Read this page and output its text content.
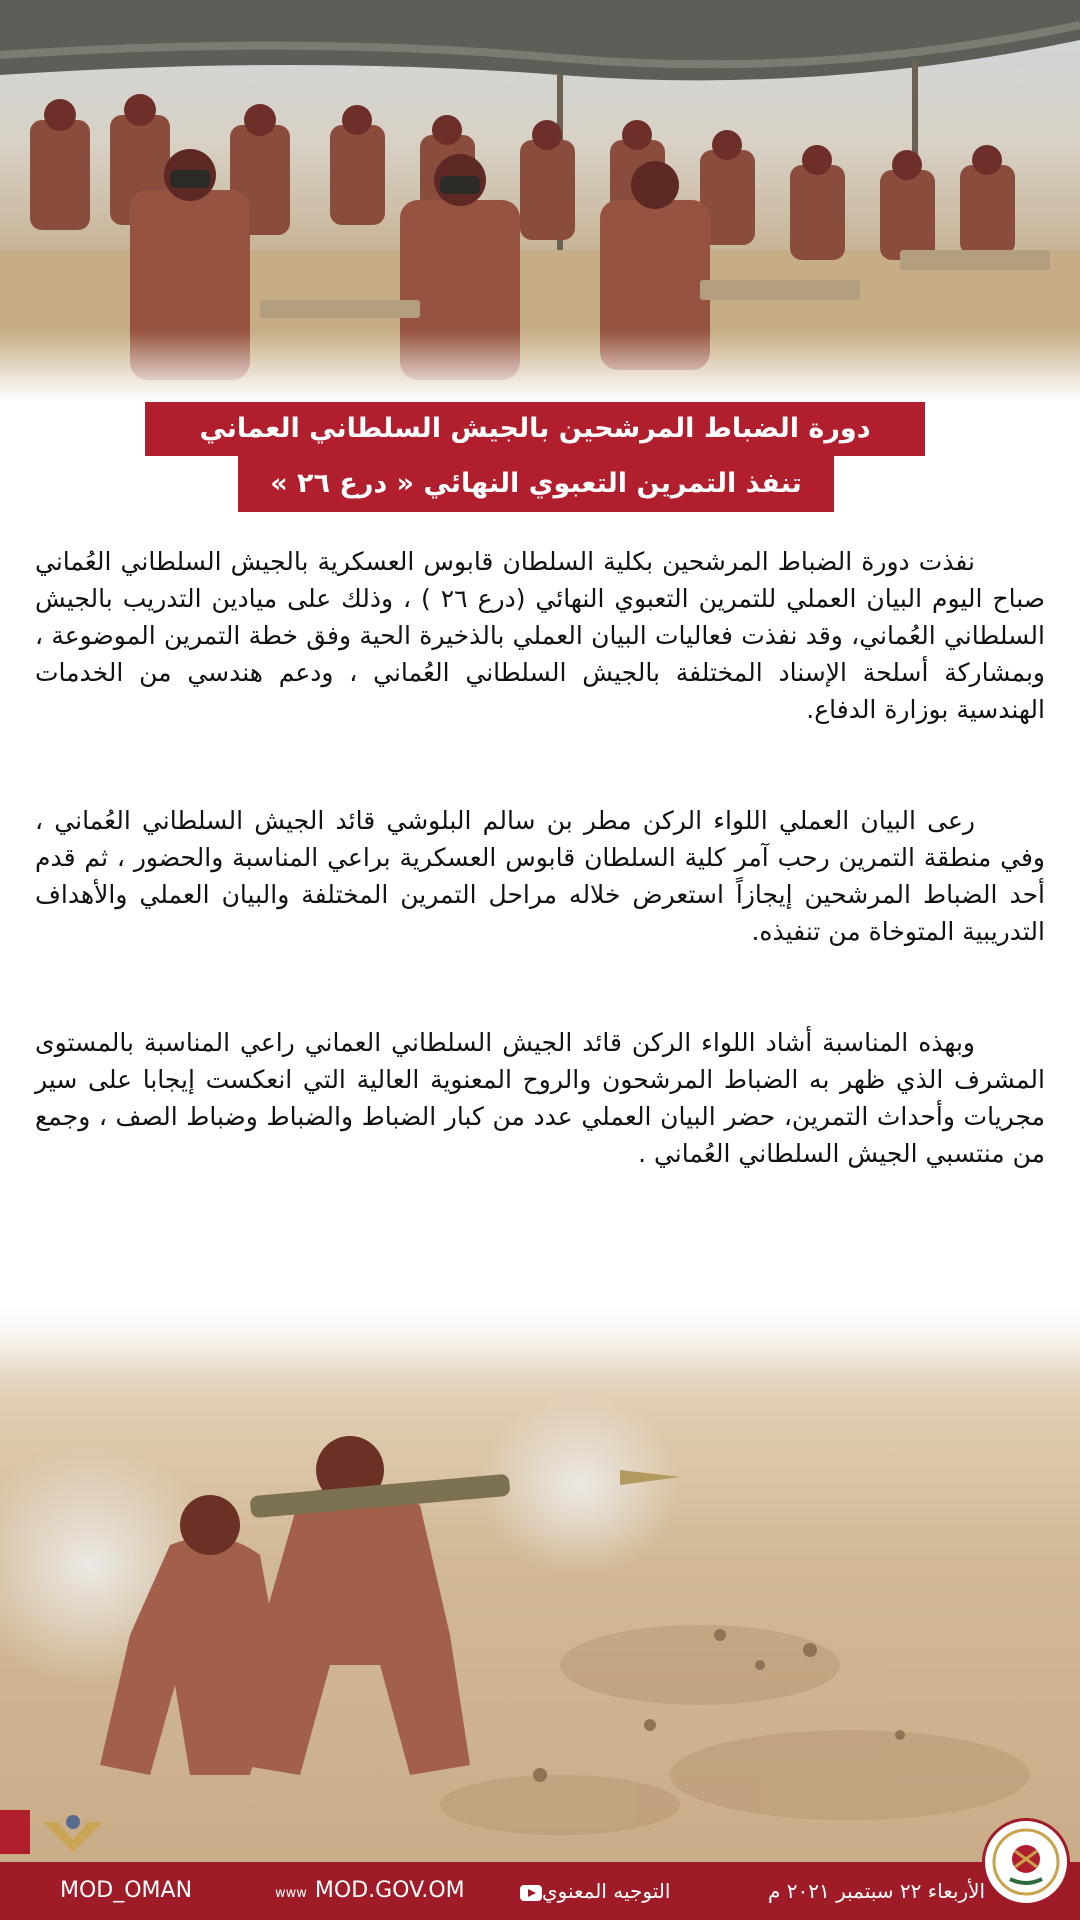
دورة الضباط المرشحين بالجيش السلطاني العماني
تنفذ التمرين التعبوي النهائي « درع ٢٦ »

نفذت دورة الضباط المرشحين بكلية السلطان قابوس العسكرية بالجيش السلطاني العُماني صباح اليوم البيان العملي للتمرين التعبوي النهائي (درع ٢٦ ) ، وذلك على ميادين التدريب بالجيش السلطاني العُماني، وقد نفذت فعاليات البيان العملي بالذخيرة الحية وفق خطة التمرين الموضوعة ، وبمشاركة أسلحة الإسناد المختلفة بالجيش السلطاني العُماني ، ودعم هندسي من الخدمات الهندسية بوزارة الدفاع.

رعى البيان العملي اللواء الركن مطر بن سالم البلوشي قائد الجيش السلطاني العُماني ، وفي منطقة التمرين رحب آمر كلية السلطان قابوس العسكرية براعي المناسبة والحضور ، ثم قدم أحد الضباط المرشحين إيجازاً استعرض خلاله مراحل التمرين المختلفة والبيان العملي والأهداف التدريبية المتوخاة من تنفيذه.

وبهذه المناسبة أشاد اللواء الركن قائد الجيش السلطاني العماني راعي المناسبة بالمستوى المشرف الذي ظهر به الضباط المرشحون والروح المعنوية العالية التي انعكست إيجابا على سير مجريات وأحداث التمرين، حضر البيان العملي عدد من كبار الضباط والضباط وضباط الصف ، وجمع من منتسبي الجيش السلطاني العُماني .

MOD_OMAN	www MOD.GOV.OM	التوجيه المعنوي	الأربعاء ٢٢ سبتمبر ٢٠٢١ م
